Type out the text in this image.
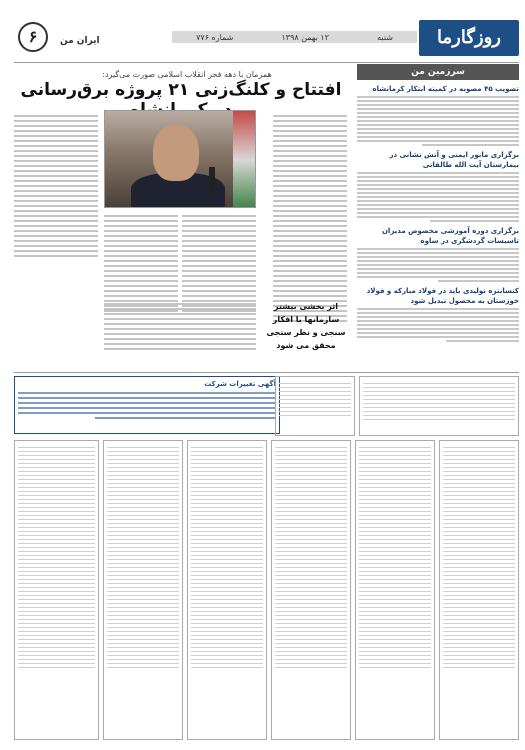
۶	ایران من	شنبه
۱۲ بهمن ۱۳۹۸
شماره ۷۷۶	روزگارما
سرزمین من
تصویب ۴۵ مصوبه در کمیته ابتکار کرمانشاه
برگزاری مانور ایمنی و آتش نشانی در بیمارستان آیت الله طالقانی
برگزاری دوره آموزشی مخصوص مدیران تاسیسات گردشگری در ساوه
کنسانتره تولیدی باید در فولاد مبارکه و فولاد خوزستان به محصول تبدیل شود
همزمان با دهه فجر انقلاب اسلامی صورت می‌گیرد:
افتتاح و کلنگ‌زنی ۲۱ پروژه برق‌رسانی
اثر بخشی بیشتر
سازمانها با افکار
سنجی و نظر سنجی
محقق می شود
آگهی تغییرات شرکت
